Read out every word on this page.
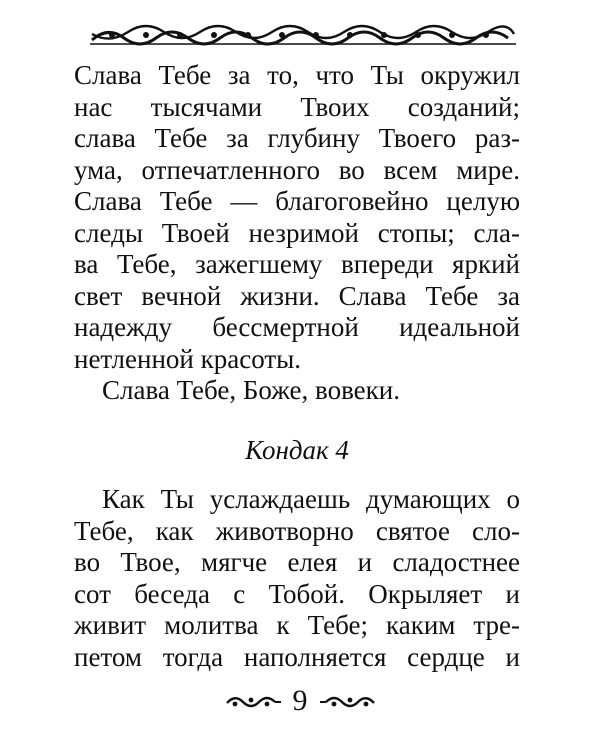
Слава Тебе за то, что Ты окружил
нас тысячами Твоих созданий;
слава Тебе за глубину Твоего раз-
ума, отпечатленного во всем мире.
Слава Тебе — благоговейно целую
следы Твоей незримой стопы; сла-
ва Тебе, зажегшему впереди яркий
свет вечной жизни. Слава Тебе за
надежду бессмертной идеальной
нетленной красоты.
Слава Тебе, Боже, вовеки.
Кондак 4
Как Ты услаждаешь думающих о
Тебе, как животворно святое сло-
во Твое, мягче елея и сладостнее
сот беседа с Тобой. Окрыляет и
живит молитва к Тебе; каким тре-
петом тогда наполняется сердце и
9
